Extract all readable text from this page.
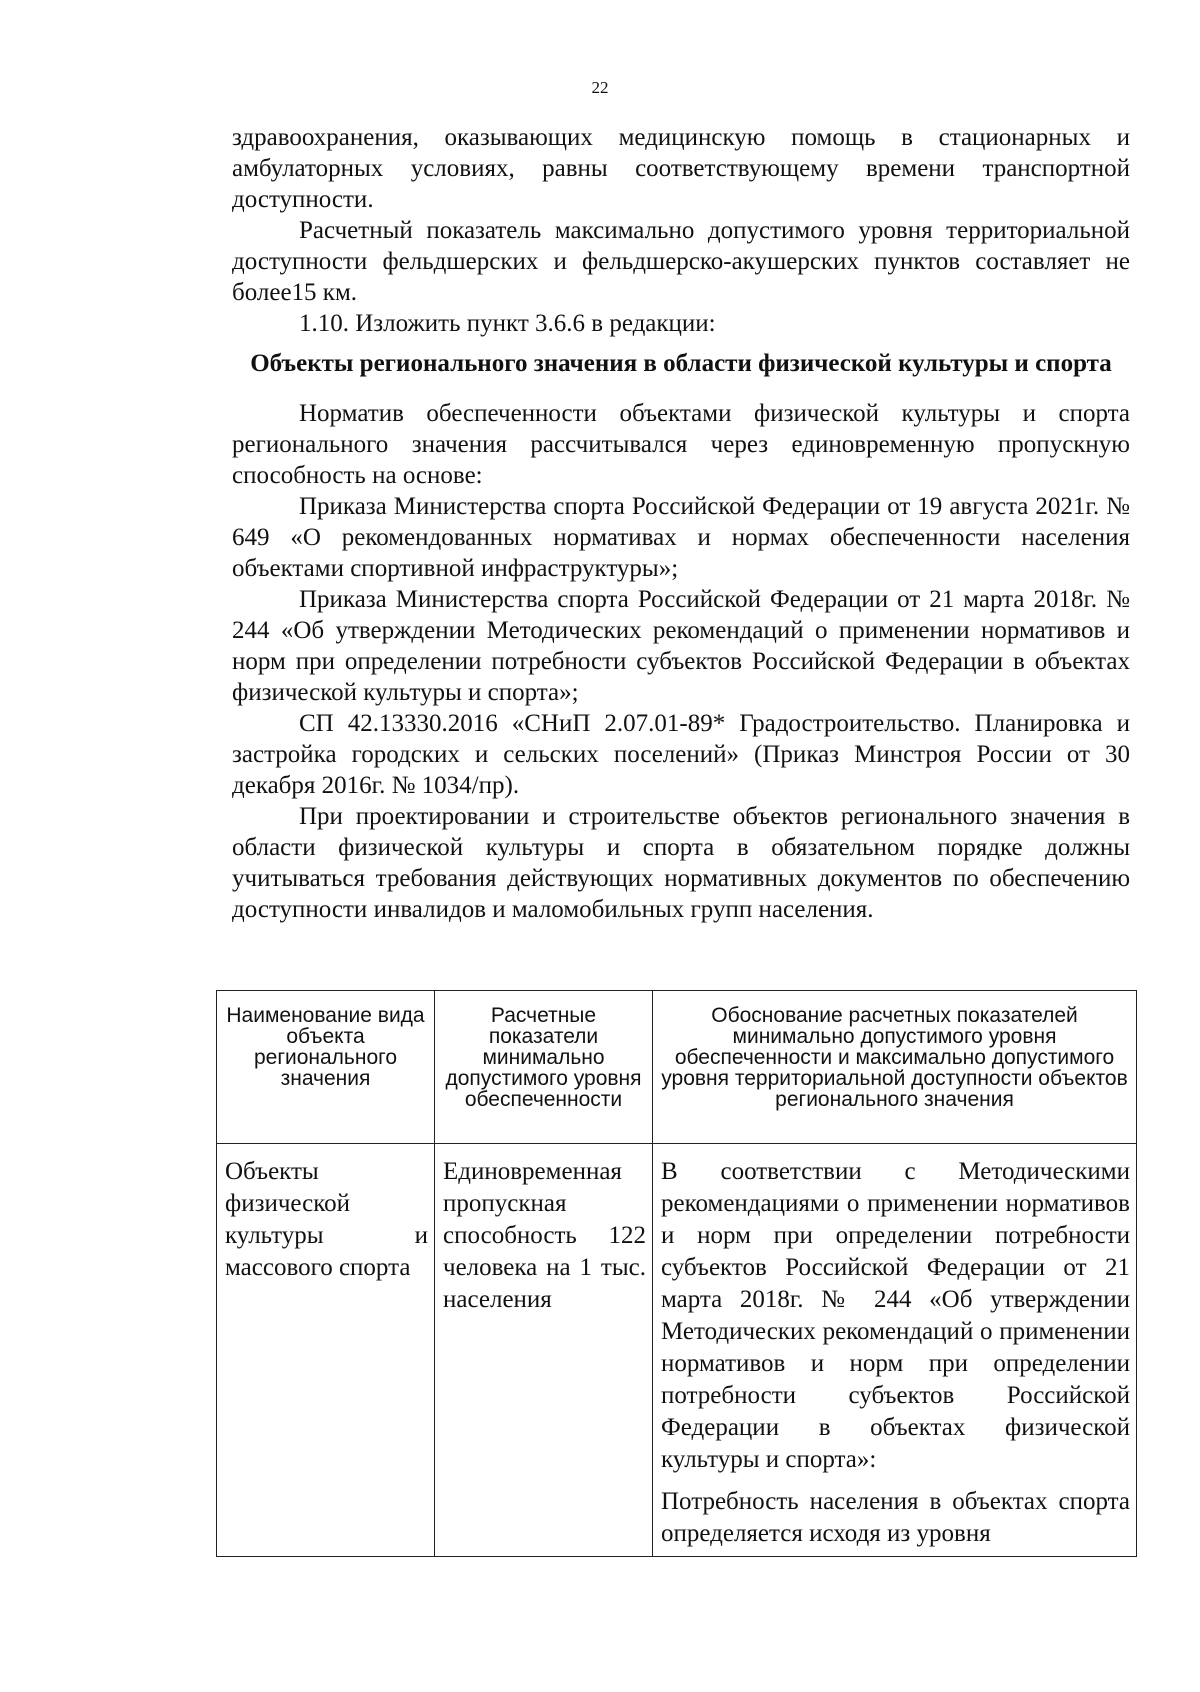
22

здравоохранения, оказывающих медицинскую помощь в стационарных и амбулаторных условиях, равны соответствующему времени транспортной доступности.

Расчетный показатель максимально допустимого уровня территориальной доступности фельдшерских и фельдшерско-акушерских пунктов составляет не более15 км.

1.10. Изложить пункт 3.6.6 в редакции:

Объекты регионального значения в области физической культуры и спорта

Норматив обеспеченности объектами физической культуры и спорта регионального значения рассчитывался через единовременную пропускную способность на основе:

Приказа Министерства спорта Российской Федерации от 19 августа 2021г. № 649 «О рекомендованных нормативах и нормах обеспеченности населения объектами спортивной инфраструктуры»;

Приказа Министерства спорта Российской Федерации от 21 марта 2018г. № 244 «Об утверждении Методических рекомендаций о применении нормативов и норм при определении потребности субъектов Российской Федерации в объектах физической культуры и спорта»;

СП 42.13330.2016 «СНиП 2.07.01-89* Градостроительство. Планировка и застройка городских и сельских поселений» (Приказ Минстроя России от 30 декабря 2016г. № 1034/пр).

При проектировании и строительстве объектов регионального значения в области физической культуры и спорта в обязательном порядке должны учитываться требования действующих нормативных документов по обеспечению доступности инвалидов и маломобильных групп населения.

Наименование вида объекта регионального значения	Расчетные показатели минимально допустимого уровня обеспеченности	Обоснование расчетных показателей минимально допустимого уровня обеспеченности и максимально допустимого уровня территориальной доступности объектов регионального значения
Объекты физической культуры и массового спорта	Единовременная пропускная способность 122 человека на 1 тыс. населения	В соответствии с Методическими рекомендациями о применении нормативов и норм при определении потребности субъектов Российской Федерации от 21 марта 2018г. № 244 «Об утверждении Методических рекомендаций о применении нормативов и норм при определении потребности субъектов Российской Федерации в объектах физической культуры и спорта»:

Потребность населения в объектах спорта определяется исходя из уровня
